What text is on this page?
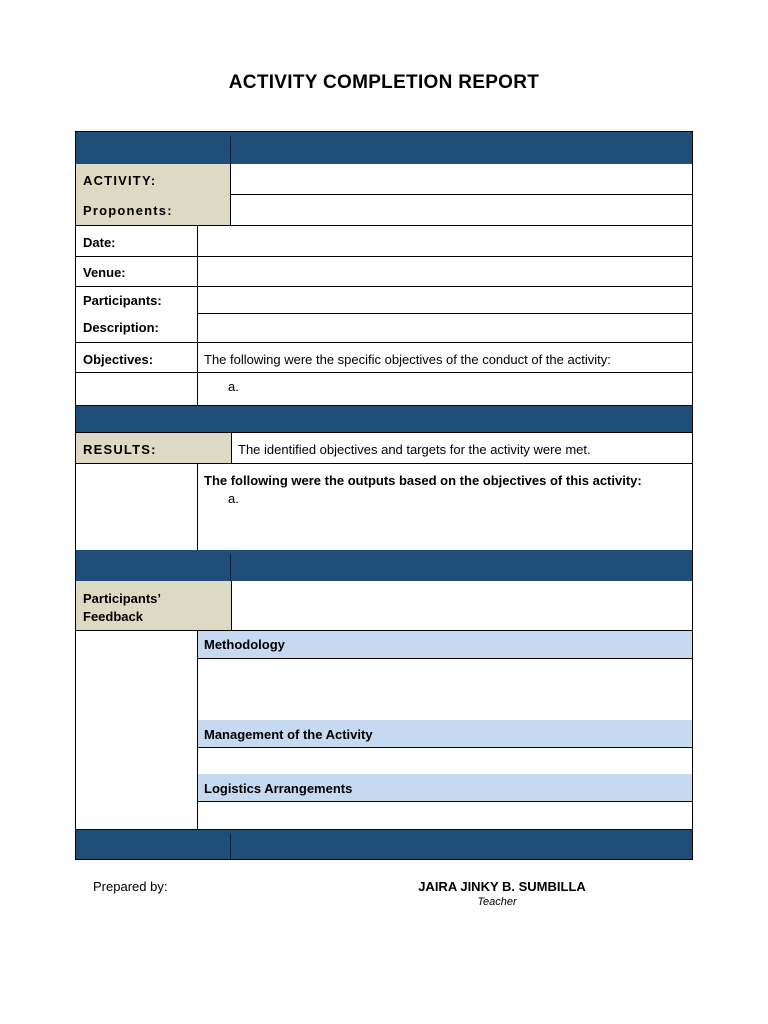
ACTIVITY COMPLETION REPORT
ACTIVITY:
Proponents:
Date:
Venue:
Participants:
Description:
Objectives:	The following were the specific objectives of the conduct of the activity:
a.
RESULTS:	The identified objectives and targets for the activity were met.
The following were the outputs based on the objectives of this activity:
a.
Participants’
Feedback
Methodology
Management of the Activity
Logistics Arrangements
Prepared by:	JAIRA JINKY B. SUMBILLA
Teacher
